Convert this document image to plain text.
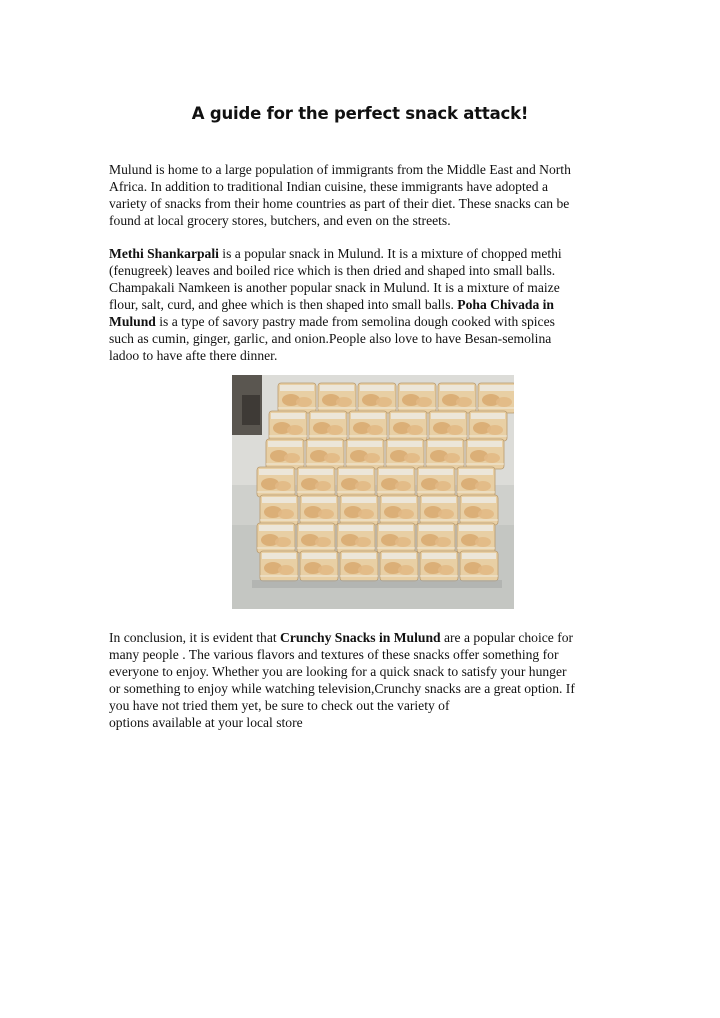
A guide for the perfect snack attack!

Mulund is home to a large population of immigrants from the Middle East and North
Africa. In addition to traditional Indian cuisine, these immigrants have adopted a
variety of snacks from their home countries as part of their diet. These snacks can be
found at local grocery stores, butchers, and even on the streets.

Methi Shankarpali is a popular snack in Mulund. It is a mixture of chopped methi
(fenugreek) leaves and boiled rice which is then dried and shaped into small balls.
Champakali Namkeen is another popular snack in Mulund. It is a mixture of maize
flour, salt, curd, and ghee which is then shaped into small balls. Poha Chivada in
Mulund is a type of savory pastry made from semolina dough cooked with spices
such as cumin, ginger, garlic, and onion.People also love to have Besan-semolina
ladoo to have afte there dinner.

In conclusion, it is evident that Crunchy Snacks in Mulund are a popular choice for
many people . The various flavors and textures of these snacks offer something for
everyone to enjoy. Whether you are looking for a quick snack to satisfy your hunger
or something to enjoy while watching television,Crunchy snacks are a great option. If
you have not tried them yet, be sure to check out the variety of
options available at your local store
